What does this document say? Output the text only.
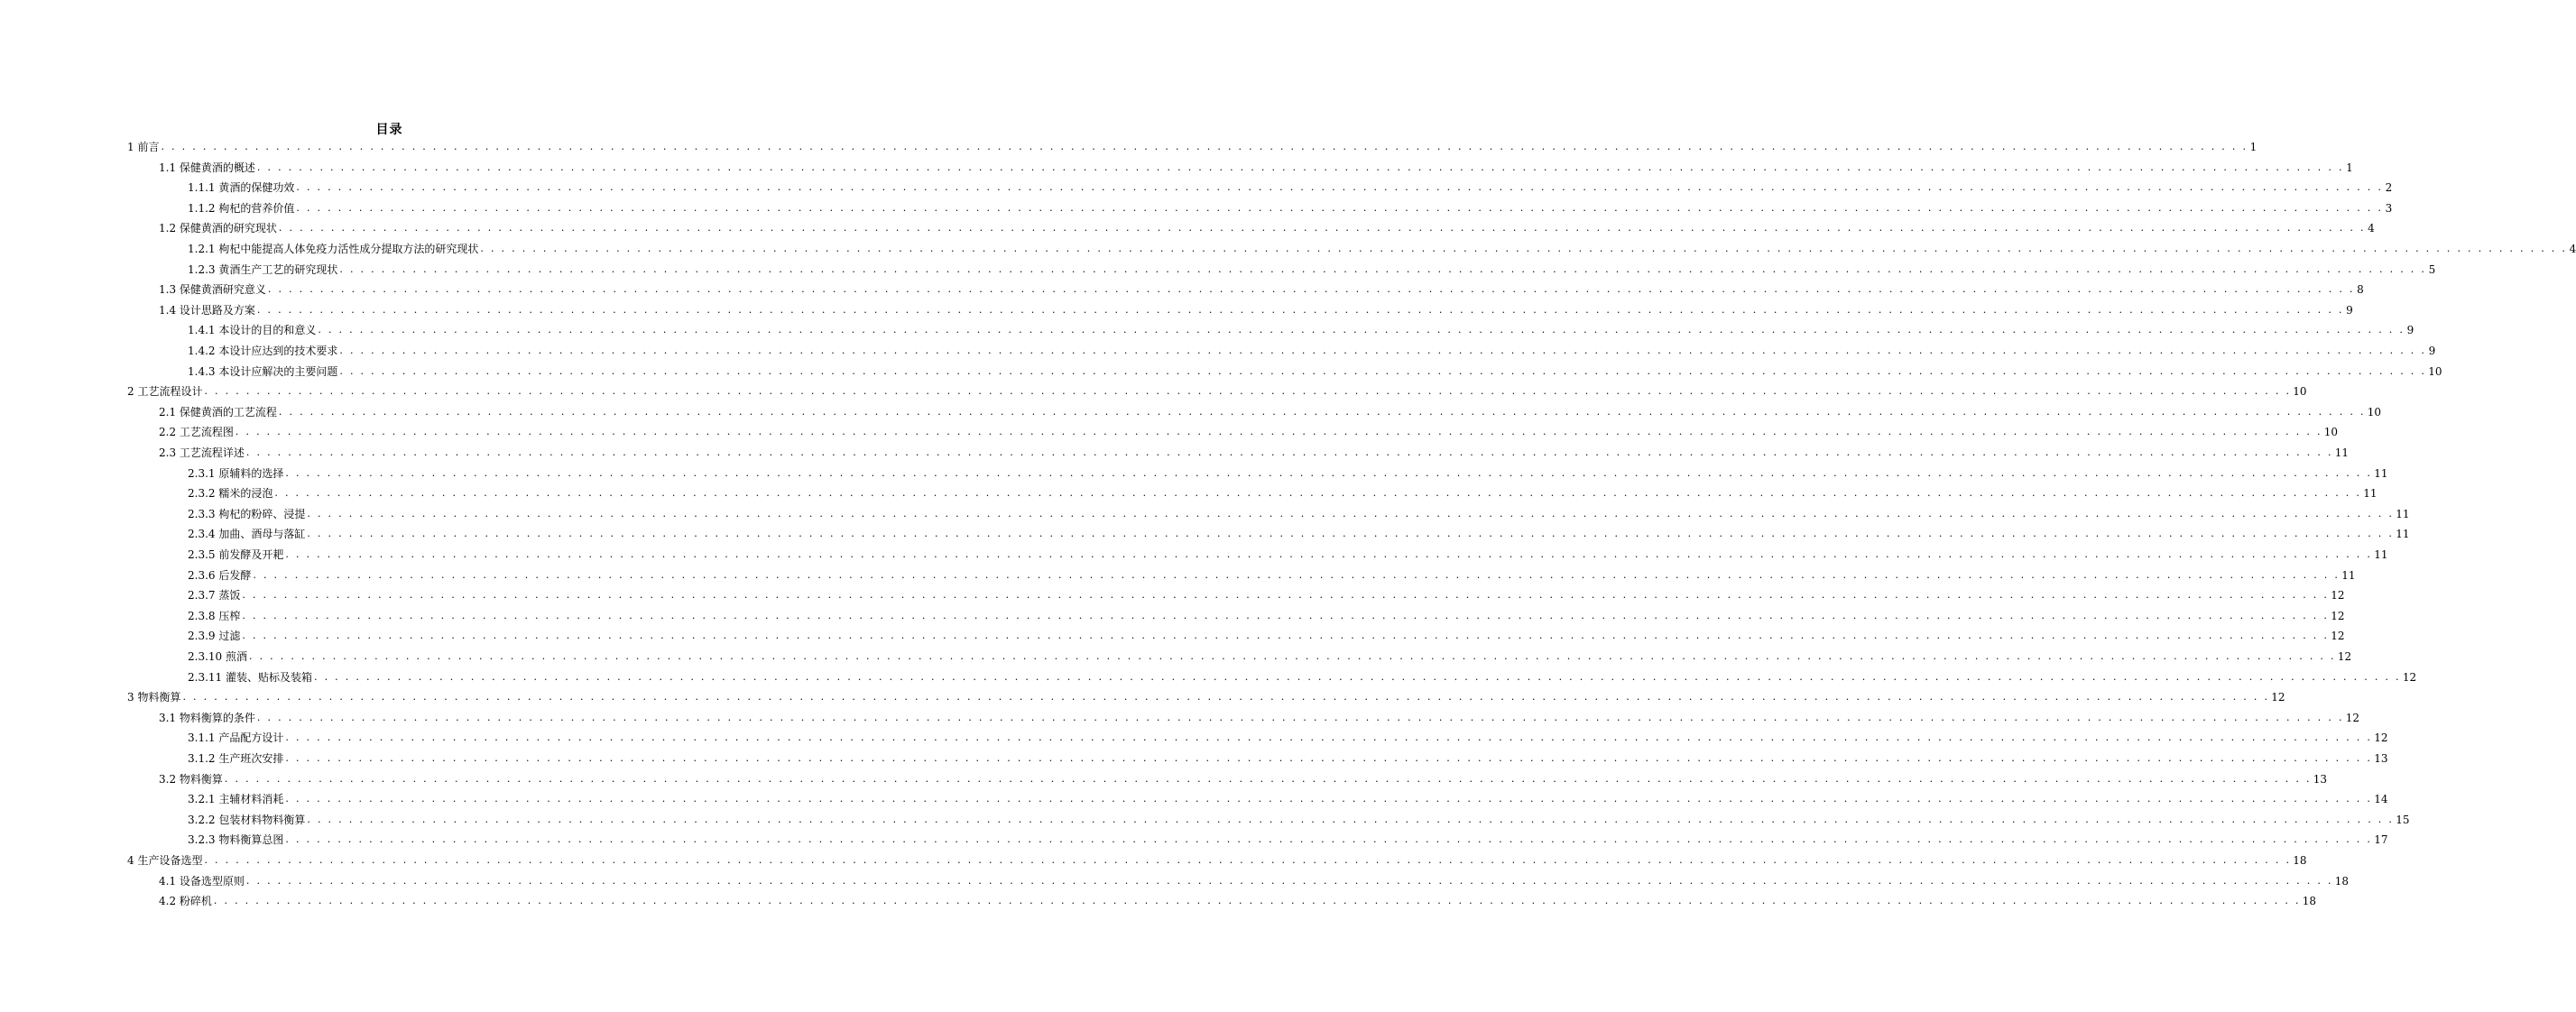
目录
1 前言 . . . . . . . . . . . . . . . . . . . . . . . . . . . . . . . . . . . . . . . . . . . . . . . . . . . . . . . . . . . . . . . . . . . . . . . . . . . . . . . . . . . . . . . . . . . . . . . . . . . . . . . . . . . . . . . . . . . . . . . . . . . . . . . . . . . . . . . . . . . . . . . . . . . . . . . . . . . . . . . . . . . . . . . . . . . . . . . . . . . . . . . . . . . . . . . . . . . . . . . . 1
1.1 保健黄酒的概述 . . . . . . . . . . . . . . . . . . . . . . . . . . . . . . . . . . . . . . . . . . . . . . . . . . . . . . . . . . . . . . . . . . . . . . . . . . . . . . . . . . . . . . . . . . . . . . . . . . . . . . . . . . . . . . . . . . . . . . . . . . . . . . . . . . . . . . . . . . . . . . . . . . . . . . . . . . . . . . . . . . . . . . . . . . . . . . . . . . . . . . . . . . . . . . . . . . . . . . . . 1
1.1.1 黄酒的保健功效 . . . . . . . . . . . . . . . . . . . . . . . . . . . . . . . . . . . . . . . . . . . . . . . . . . . . . . . . . . . . . . . . . . . . . . . . . . . . . . . . . . . . . . . . . . . . . . . . . . . . . . . . . . . . . . . . . . . . . . . . . . . . . . . . . . . . . . . . . . . . . . . . . . . . . . . . . . . . . . . . . . . . . . . . . . . . . . . . . . . . . . . . . . . . . . . . . . . . . . . . 2
1.1.2 枸杞的营养价值 . . . . . . . . . . . . . . . . . . . . . . . . . . . . . . . . . . . . . . . . . . . . . . . . . . . . . . . . . . . . . . . . . . . . . . . . . . . . . . . . . . . . . . . . . . . . . . . . . . . . . . . . . . . . . . . . . . . . . . . . . . . . . . . . . . . . . . . . . . . . . . . . . . . . . . . . . . . . . . . . . . . . . . . . . . . . . . . . . . . . . . . . . . . . . . . . . . . . . . . . 3
1.2 保健黄酒的研究现状 . . . . . . . . . . . . . . . . . . . . . . . . . . . . . . . . . . . . . . . . . . . . . . . . . . . . . . . . . . . . . . . . . . . . . . . . . . . . . . . . . . . . . . . . . . . . . . . . . . . . . . . . . . . . . . . . . . . . . . . . . . . . . . . . . . . . . . . . . . . . . . . . . . . . . . . . . . . . . . . . . . . . . . . . . . . . . . . . . . . . . . . . . . . . . . . . . . . . . . . . 4
1.2.1 枸杞中能提高人体免疫力活性成分提取方法的研究现状 . . . . . . . . . . . . . . . . . . . . . . . . . . . . . . . . . . . . . . . . . . . . . . . . . . . . . . . . . . . . . . . . . . . . . . . . . . . . . . . . . . . . . . . . . . . . . . . . . . . . . . . . . . . . . . . . . . . . . . . . . . . . . . . . . . . . . . . . . . . . . . . . . . . . . . . . . . . . . . . . . . . . . . . . . . . . . . . . . . . . . . . . . . . . . . . . . . . . . . . . 4
1.2.3 黄酒生产工艺的研究现状 . . . . . . . . . . . . . . . . . . . . . . . . . . . . . . . . . . . . . . . . . . . . . . . . . . . . . . . . . . . . . . . . . . . . . . . . . . . . . . . . . . . . . . . . . . . . . . . . . . . . . . . . . . . . . . . . . . . . . . . . . . . . . . . . . . . . . . . . . . . . . . . . . . . . . . . . . . . . . . . . . . . . . . . . . . . . . . . . . . . . . . . . . . . . . . . . . . . . . . . . 5
1.3 保健黄酒研究意义 . . . . . . . . . . . . . . . . . . . . . . . . . . . . . . . . . . . . . . . . . . . . . . . . . . . . . . . . . . . . . . . . . . . . . . . . . . . . . . . . . . . . . . . . . . . . . . . . . . . . . . . . . . . . . . . . . . . . . . . . . . . . . . . . . . . . . . . . . . . . . . . . . . . . . . . . . . . . . . . . . . . . . . . . . . . . . . . . . . . . . . . . . . . . . . . . . . . . . . . . 8
1.4 设计思路及方案 . . . . . . . . . . . . . . . . . . . . . . . . . . . . . . . . . . . . . . . . . . . . . . . . . . . . . . . . . . . . . . . . . . . . . . . . . . . . . . . . . . . . . . . . . . . . . . . . . . . . . . . . . . . . . . . . . . . . . . . . . . . . . . . . . . . . . . . . . . . . . . . . . . . . . . . . . . . . . . . . . . . . . . . . . . . . . . . . . . . . . . . . . . . . . . . . . . . . . . . . 9
1.4.1 本设计的目的和意义 . . . . . . . . . . . . . . . . . . . . . . . . . . . . . . . . . . . . . . . . . . . . . . . . . . . . . . . . . . . . . . . . . . . . . . . . . . . . . . . . . . . . . . . . . . . . . . . . . . . . . . . . . . . . . . . . . . . . . . . . . . . . . . . . . . . . . . . . . . . . . . . . . . . . . . . . . . . . . . . . . . . . . . . . . . . . . . . . . . . . . . . . . . . . . . . . . . . . . . . . 9
1.4.2 本设计应达到的技术要求 . . . . . . . . . . . . . . . . . . . . . . . . . . . . . . . . . . . . . . . . . . . . . . . . . . . . . . . . . . . . . . . . . . . . . . . . . . . . . . . . . . . . . . . . . . . . . . . . . . . . . . . . . . . . . . . . . . . . . . . . . . . . . . . . . . . . . . . . . . . . . . . . . . . . . . . . . . . . . . . . . . . . . . . . . . . . . . . . . . . . . . . . . . . . . . . . . . . . . . . . 9
1.4.3 本设计应解决的主要问题 . . . . . . . . . . . . . . . . . . . . . . . . . . . . . . . . . . . . . . . . . . . . . . . . . . . . . . . . . . . . . . . . . . . . . . . . . . . . . . . . . . . . . . . . . . . . . . . . . . . . . . . . . . . . . . . . . . . . . . . . . . . . . . . . . . . . . . . . . . . . . . . . . . . . . . . . . . . . . . . . . . . . . . . . . . . . . . . . . . . . . . . . . . . . . . . . . . . . . . . . 10
2 工艺流程设计 . . . . . . . . . . . . . . . . . . . . . . . . . . . . . . . . . . . . . . . . . . . . . . . . . . . . . . . . . . . . . . . . . . . . . . . . . . . . . . . . . . . . . . . . . . . . . . . . . . . . . . . . . . . . . . . . . . . . . . . . . . . . . . . . . . . . . . . . . . . . . . . . . . . . . . . . . . . . . . . . . . . . . . . . . . . . . . . . . . . . . . . . . . . . . . . . . . . . . . . . 10
2.1 保健黄酒的工艺流程 . . . . . . . . . . . . . . . . . . . . . . . . . . . . . . . . . . . . . . . . . . . . . . . . . . . . . . . . . . . . . . . . . . . . . . . . . . . . . . . . . . . . . . . . . . . . . . . . . . . . . . . . . . . . . . . . . . . . . . . . . . . . . . . . . . . . . . . . . . . . . . . . . . . . . . . . . . . . . . . . . . . . . . . . . . . . . . . . . . . . . . . . . . . . . . . . . . . . . . . . 10
2.2 工艺流程图 . . . . . . . . . . . . . . . . . . . . . . . . . . . . . . . . . . . . . . . . . . . . . . . . . . . . . . . . . . . . . . . . . . . . . . . . . . . . . . . . . . . . . . . . . . . . . . . . . . . . . . . . . . . . . . . . . . . . . . . . . . . . . . . . . . . . . . . . . . . . . . . . . . . . . . . . . . . . . . . . . . . . . . . . . . . . . . . . . . . . . . . . . . . . . . . . . . . . . . . . 10
2.3 工艺流程详述 . . . . . . . . . . . . . . . . . . . . . . . . . . . . . . . . . . . . . . . . . . . . . . . . . . . . . . . . . . . . . . . . . . . . . . . . . . . . . . . . . . . . . . . . . . . . . . . . . . . . . . . . . . . . . . . . . . . . . . . . . . . . . . . . . . . . . . . . . . . . . . . . . . . . . . . . . . . . . . . . . . . . . . . . . . . . . . . . . . . . . . . . . . . . . . . . . . . . . . . . 11
2.3.1 原辅料的选择 . . . . . . . . . . . . . . . . . . . . . . . . . . . . . . . . . . . . . . . . . . . . . . . . . . . . . . . . . . . . . . . . . . . . . . . . . . . . . . . . . . . . . . . . . . . . . . . . . . . . . . . . . . . . . . . . . . . . . . . . . . . . . . . . . . . . . . . . . . . . . . . . . . . . . . . . . . . . . . . . . . . . . . . . . . . . . . . . . . . . . . . . . . . . . . . . . . . . . . . . 11
2.3.2 糯米的浸泡 . . . . . . . . . . . . . . . . . . . . . . . . . . . . . . . . . . . . . . . . . . . . . . . . . . . . . . . . . . . . . . . . . . . . . . . . . . . . . . . . . . . . . . . . . . . . . . . . . . . . . . . . . . . . . . . . . . . . . . . . . . . . . . . . . . . . . . . . . . . . . . . . . . . . . . . . . . . . . . . . . . . . . . . . . . . . . . . . . . . . . . . . . . . . . . . . . . . . . . . . 11
2.3.3 枸杞的粉碎、浸提 . . . . . . . . . . . . . . . . . . . . . . . . . . . . . . . . . . . . . . . . . . . . . . . . . . . . . . . . . . . . . . . . . . . . . . . . . . . . . . . . . . . . . . . . . . . . . . . . . . . . . . . . . . . . . . . . . . . . . . . . . . . . . . . . . . . . . . . . . . . . . . . . . . . . . . . . . . . . . . . . . . . . . . . . . . . . . . . . . . . . . . . . . . . . . . . . . . . . . . . . 11
2.3.4 加曲、酒母与落缸 . . . . . . . . . . . . . . . . . . . . . . . . . . . . . . . . . . . . . . . . . . . . . . . . . . . . . . . . . . . . . . . . . . . . . . . . . . . . . . . . . . . . . . . . . . . . . . . . . . . . . . . . . . . . . . . . . . . . . . . . . . . . . . . . . . . . . . . . . . . . . . . . . . . . . . . . . . . . . . . . . . . . . . . . . . . . . . . . . . . . . . . . . . . . . . . . . . . . . . . . 11
2.3.5 前发酵及开耙 . . . . . . . . . . . . . . . . . . . . . . . . . . . . . . . . . . . . . . . . . . . . . . . . . . . . . . . . . . . . . . . . . . . . . . . . . . . . . . . . . . . . . . . . . . . . . . . . . . . . . . . . . . . . . . . . . . . . . . . . . . . . . . . . . . . . . . . . . . . . . . . . . . . . . . . . . . . . . . . . . . . . . . . . . . . . . . . . . . . . . . . . . . . . . . . . . . . . . . . . 11
2.3.6 后发酵 . . . . . . . . . . . . . . . . . . . . . . . . . . . . . . . . . . . . . . . . . . . . . . . . . . . . . . . . . . . . . . . . . . . . . . . . . . . . . . . . . . . . . . . . . . . . . . . . . . . . . . . . . . . . . . . . . . . . . . . . . . . . . . . . . . . . . . . . . . . . . . . . . . . . . . . . . . . . . . . . . . . . . . . . . . . . . . . . . . . . . . . . . . . . . . . . . . . . . . . . 11
2.3.7 蒸饭 . . . . . . . . . . . . . . . . . . . . . . . . . . . . . . . . . . . . . . . . . . . . . . . . . . . . . . . . . . . . . . . . . . . . . . . . . . . . . . . . . . . . . . . . . . . . . . . . . . . . . . . . . . . . . . . . . . . . . . . . . . . . . . . . . . . . . . . . . . . . . . . . . . . . . . . . . . . . . . . . . . . . . . . . . . . . . . . . . . . . . . . . . . . . . . . . . . . . . . . . 12
2.3.8 压榨 . . . . . . . . . . . . . . . . . . . . . . . . . . . . . . . . . . . . . . . . . . . . . . . . . . . . . . . . . . . . . . . . . . . . . . . . . . . . . . . . . . . . . . . . . . . . . . . . . . . . . . . . . . . . . . . . . . . . . . . . . . . . . . . . . . . . . . . . . . . . . . . . . . . . . . . . . . . . . . . . . . . . . . . . . . . . . . . . . . . . . . . . . . . . . . . . . . . . . . . . 12
2.3.9 过滤 . . . . . . . . . . . . . . . . . . . . . . . . . . . . . . . . . . . . . . . . . . . . . . . . . . . . . . . . . . . . . . . . . . . . . . . . . . . . . . . . . . . . . . . . . . . . . . . . . . . . . . . . . . . . . . . . . . . . . . . . . . . . . . . . . . . . . . . . . . . . . . . . . . . . . . . . . . . . . . . . . . . . . . . . . . . . . . . . . . . . . . . . . . . . . . . . . . . . . . . . 12
2.3.10 煎酒 . . . . . . . . . . . . . . . . . . . . . . . . . . . . . . . . . . . . . . . . . . . . . . . . . . . . . . . . . . . . . . . . . . . . . . . . . . . . . . . . . . . . . . . . . . . . . . . . . . . . . . . . . . . . . . . . . . . . . . . . . . . . . . . . . . . . . . . . . . . . . . . . . . . . . . . . . . . . . . . . . . . . . . . . . . . . . . . . . . . . . . . . . . . . . . . . . . . . . . . . 12
2.3.11 灌装、贴标及装箱 . . . . . . . . . . . . . . . . . . . . . . . . . . . . . . . . . . . . . . . . . . . . . . . . . . . . . . . . . . . . . . . . . . . . . . . . . . . . . . . . . . . . . . . . . . . . . . . . . . . . . . . . . . . . . . . . . . . . . . . . . . . . . . . . . . . . . . . . . . . . . . . . . . . . . . . . . . . . . . . . . . . . . . . . . . . . . . . . . . . . . . . . . . . . . . . . . . . . . . . . 12
3 物料衡算 . . . . . . . . . . . . . . . . . . . . . . . . . . . . . . . . . . . . . . . . . . . . . . . . . . . . . . . . . . . . . . . . . . . . . . . . . . . . . . . . . . . . . . . . . . . . . . . . . . . . . . . . . . . . . . . . . . . . . . . . . . . . . . . . . . . . . . . . . . . . . . . . . . . . . . . . . . . . . . . . . . . . . . . . . . . . . . . . . . . . . . . . . . . . . . . . . . . . . . . . 12
3.1 物料衡算的条件 . . . . . . . . . . . . . . . . . . . . . . . . . . . . . . . . . . . . . . . . . . . . . . . . . . . . . . . . . . . . . . . . . . . . . . . . . . . . . . . . . . . . . . . . . . . . . . . . . . . . . . . . . . . . . . . . . . . . . . . . . . . . . . . . . . . . . . . . . . . . . . . . . . . . . . . . . . . . . . . . . . . . . . . . . . . . . . . . . . . . . . . . . . . . . . . . . . . . . . . . 12
3.1.1 产品配方设计 . . . . . . . . . . . . . . . . . . . . . . . . . . . . . . . . . . . . . . . . . . . . . . . . . . . . . . . . . . . . . . . . . . . . . . . . . . . . . . . . . . . . . . . . . . . . . . . . . . . . . . . . . . . . . . . . . . . . . . . . . . . . . . . . . . . . . . . . . . . . . . . . . . . . . . . . . . . . . . . . . . . . . . . . . . . . . . . . . . . . . . . . . . . . . . . . . . . . . . . . 12
3.1.2 生产班次安排 . . . . . . . . . . . . . . . . . . . . . . . . . . . . . . . . . . . . . . . . . . . . . . . . . . . . . . . . . . . . . . . . . . . . . . . . . . . . . . . . . . . . . . . . . . . . . . . . . . . . . . . . . . . . . . . . . . . . . . . . . . . . . . . . . . . . . . . . . . . . . . . . . . . . . . . . . . . . . . . . . . . . . . . . . . . . . . . . . . . . . . . . . . . . . . . . . . . . . . . . 13
3.2 物料衡算 . . . . . . . . . . . . . . . . . . . . . . . . . . . . . . . . . . . . . . . . . . . . . . . . . . . . . . . . . . . . . . . . . . . . . . . . . . . . . . . . . . . . . . . . . . . . . . . . . . . . . . . . . . . . . . . . . . . . . . . . . . . . . . . . . . . . . . . . . . . . . . . . . . . . . . . . . . . . . . . . . . . . . . . . . . . . . . . . . . . . . . . . . . . . . . . . . . . . . . . . 13
3.2.1 主辅材料消耗 . . . . . . . . . . . . . . . . . . . . . . . . . . . . . . . . . . . . . . . . . . . . . . . . . . . . . . . . . . . . . . . . . . . . . . . . . . . . . . . . . . . . . . . . . . . . . . . . . . . . . . . . . . . . . . . . . . . . . . . . . . . . . . . . . . . . . . . . . . . . . . . . . . . . . . . . . . . . . . . . . . . . . . . . . . . . . . . . . . . . . . . . . . . . . . . . . . . . . . . . 14
3.2.2 包装材料物料衡算 . . . . . . . . . . . . . . . . . . . . . . . . . . . . . . . . . . . . . . . . . . . . . . . . . . . . . . . . . . . . . . . . . . . . . . . . . . . . . . . . . . . . . . . . . . . . . . . . . . . . . . . . . . . . . . . . . . . . . . . . . . . . . . . . . . . . . . . . . . . . . . . . . . . . . . . . . . . . . . . . . . . . . . . . . . . . . . . . . . . . . . . . . . . . . . . . . . . . . . . . 15
3.2.3 物料衡算总图 . . . . . . . . . . . . . . . . . . . . . . . . . . . . . . . . . . . . . . . . . . . . . . . . . . . . . . . . . . . . . . . . . . . . . . . . . . . . . . . . . . . . . . . . . . . . . . . . . . . . . . . . . . . . . . . . . . . . . . . . . . . . . . . . . . . . . . . . . . . . . . . . . . . . . . . . . . . . . . . . . . . . . . . . . . . . . . . . . . . . . . . . . . . . . . . . . . . . . . . . 17
4 生产设备选型 . . . . . . . . . . . . . . . . . . . . . . . . . . . . . . . . . . . . . . . . . . . . . . . . . . . . . . . . . . . . . . . . . . . . . . . . . . . . . . . . . . . . . . . . . . . . . . . . . . . . . . . . . . . . . . . . . . . . . . . . . . . . . . . . . . . . . . . . . . . . . . . . . . . . . . . . . . . . . . . . . . . . . . . . . . . . . . . . . . . . . . . . . . . . . . . . . . . . . . . . 18
4.1 设备选型原则 . . . . . . . . . . . . . . . . . . . . . . . . . . . . . . . . . . . . . . . . . . . . . . . . . . . . . . . . . . . . . . . . . . . . . . . . . . . . . . . . . . . . . . . . . . . . . . . . . . . . . . . . . . . . . . . . . . . . . . . . . . . . . . . . . . . . . . . . . . . . . . . . . . . . . . . . . . . . . . . . . . . . . . . . . . . . . . . . . . . . . . . . . . . . . . . . . . . . . . . . 18
4.2 粉碎机 . . . . . . . . . . . . . . . . . . . . . . . . . . . . . . . . . . . . . . . . . . . . . . . . . . . . . . . . . . . . . . . . . . . . . . . . . . . . . . . . . . . . . . . . . . . . . . . . . . . . . . . . . . . . . . . . . . . . . . . . . . . . . . . . . . . . . . . . . . . . . . . . . . . . . . . . . . . . . . . . . . . . . . . . . . . . . . . . . . . . . . . . . . . . . . . . . . . . . . . . 18
